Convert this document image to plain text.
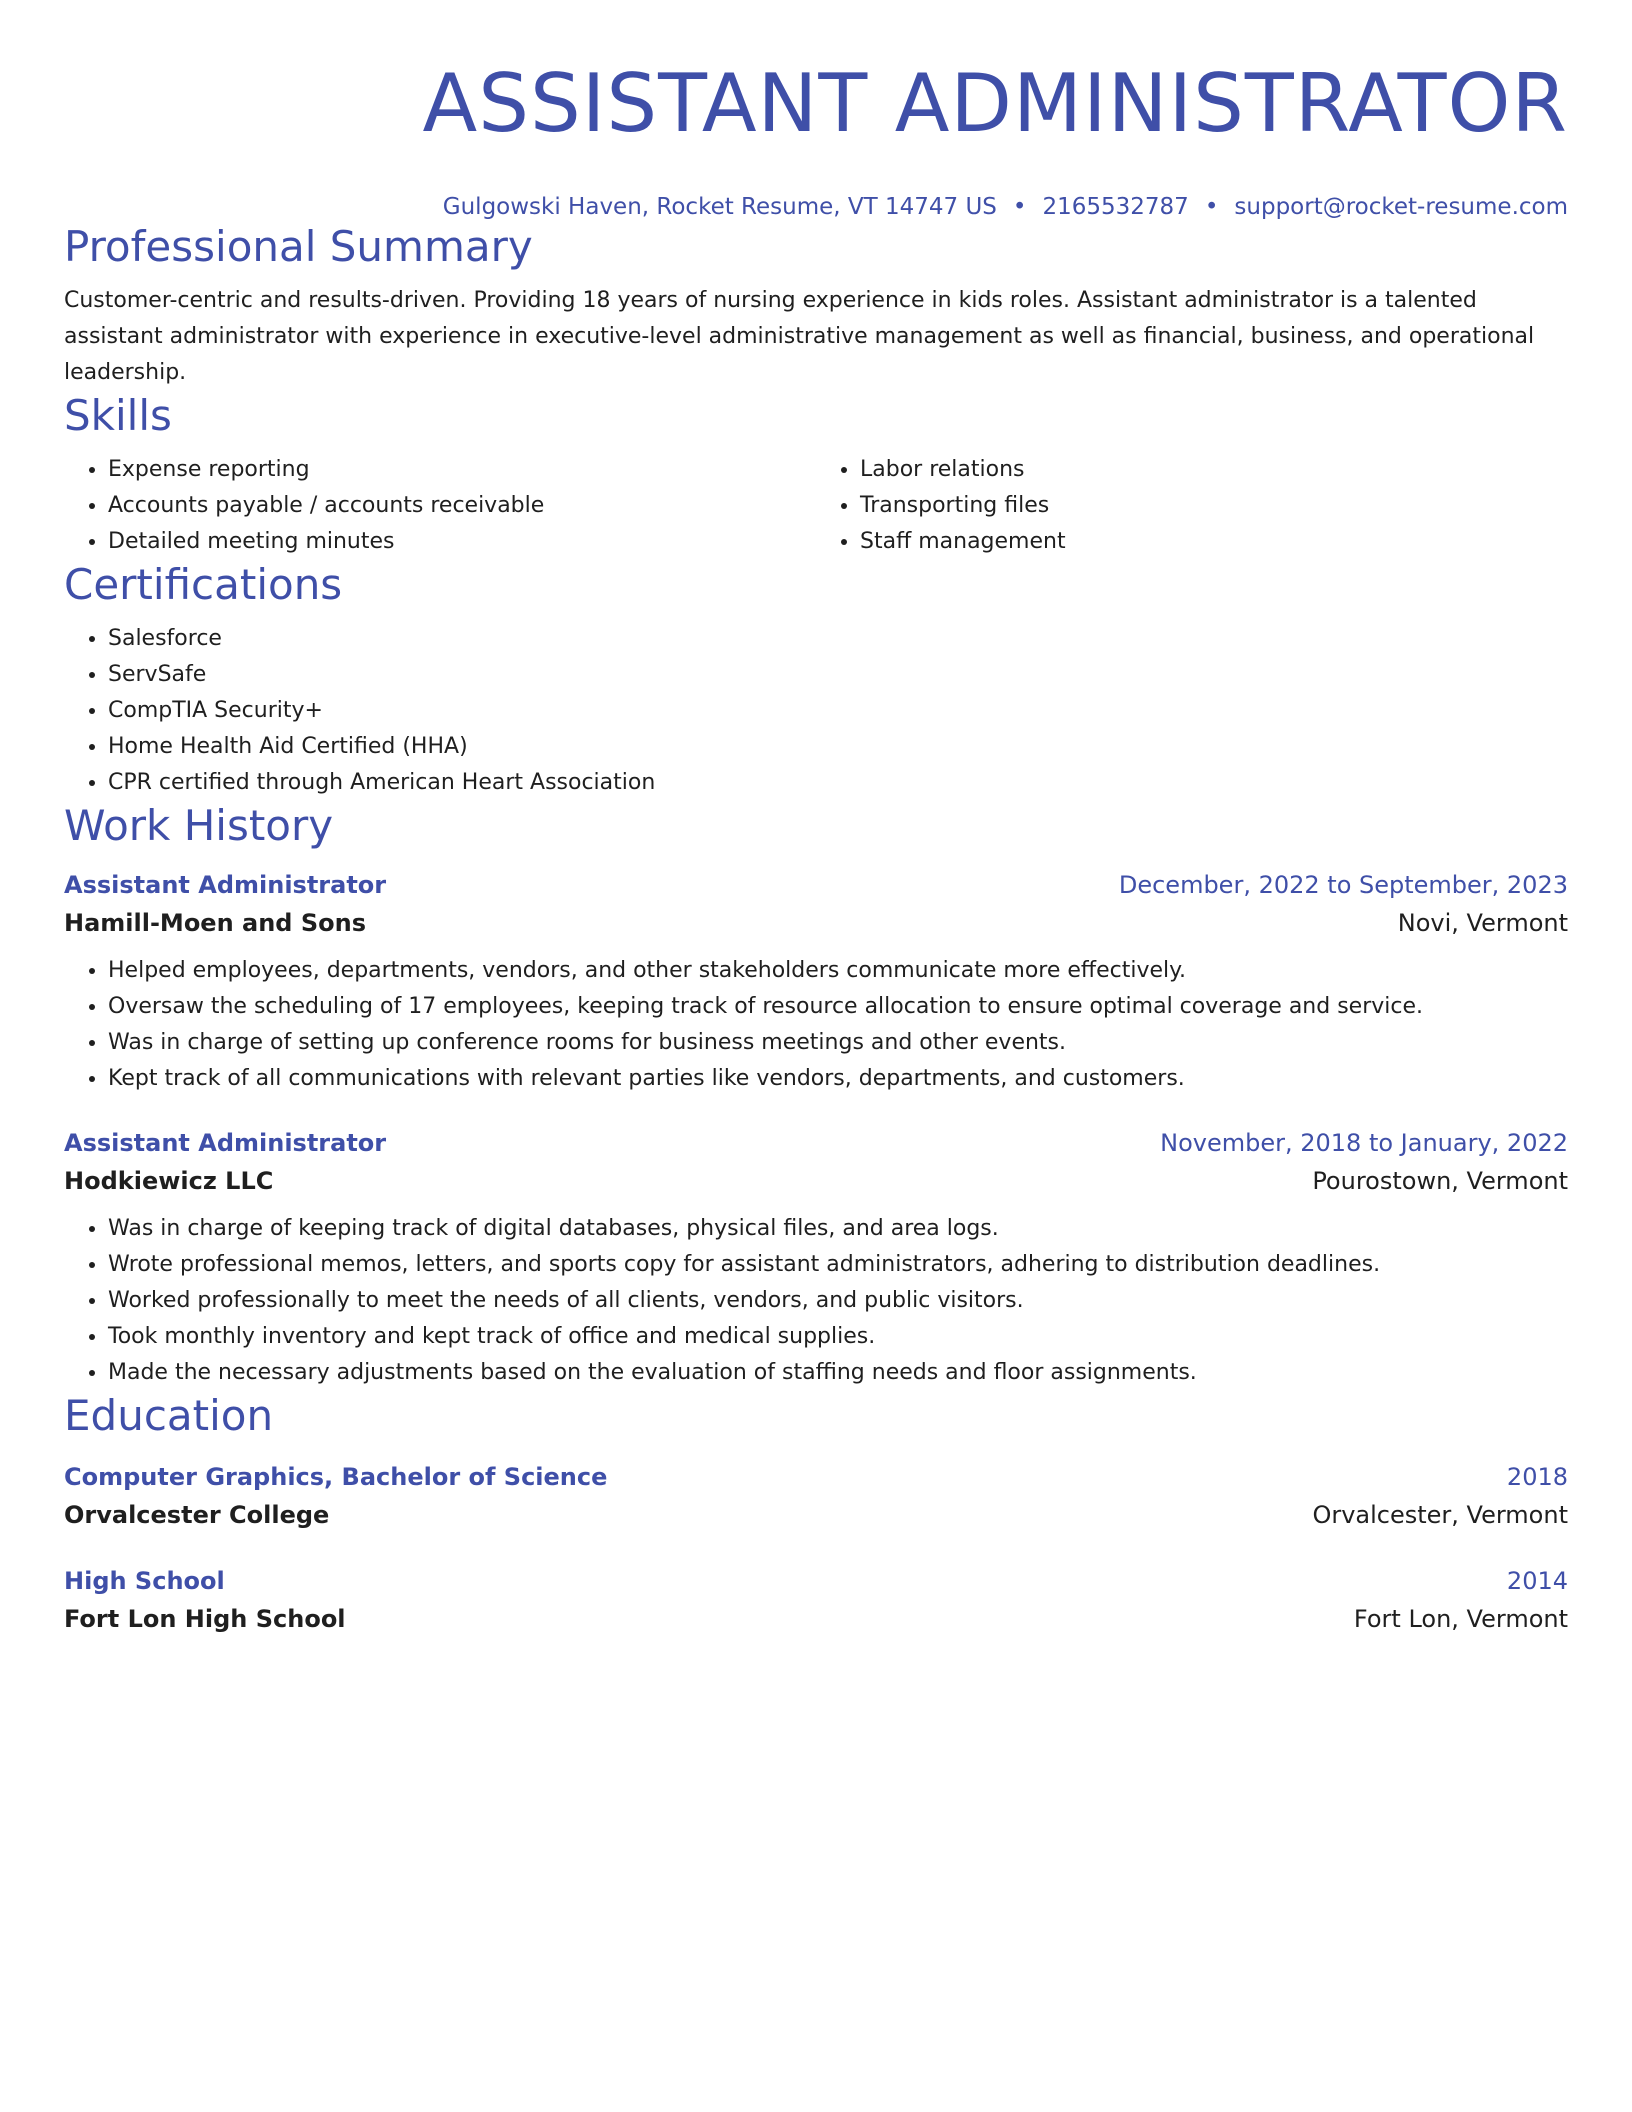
ASSISTANT ADMINISTRATOR
Gulgowski Haven, Rocket Resume, VT 14747 US • 2165532787 • support@rocket-resume.com
Professional Summary

Customer-centric and results-driven. Providing 18 years of nursing experience in kids roles. Assistant administrator is a talented assistant administrator with experience in executive-level administrative management as well as financial, business, and operational leadership.

Skills
• Expense reporting
• Accounts payable / accounts receivable
• Detailed meeting minutes
• Labor relations
• Transporting files
• Staff management
Certifications
• Salesforce
• ServSafe
• CompTIA Security+
• Home Health Aid Certified (HHA)
• CPR certified through American Heart Association
Work History
Assistant Administrator	December, 2022 to September, 2023
Hamill-Moen and Sons	Novi, Vermont
• Helped employees, departments, vendors, and other stakeholders communicate more effectively.
• Oversaw the scheduling of 17 employees, keeping track of resource allocation to ensure optimal coverage and service.
• Was in charge of setting up conference rooms for business meetings and other events.
• Kept track of all communications with relevant parties like vendors, departments, and customers.
Assistant Administrator	November, 2018 to January, 2022
Hodkiewicz LLC	Pourostown, Vermont
• Was in charge of keeping track of digital databases, physical files, and area logs.
• Wrote professional memos, letters, and sports copy for assistant administrators, adhering to distribution deadlines.
• Worked professionally to meet the needs of all clients, vendors, and public visitors.
• Took monthly inventory and kept track of office and medical supplies.
• Made the necessary adjustments based on the evaluation of staffing needs and floor assignments.
Education
Computer Graphics, Bachelor of Science	2018
Orvalcester College	Orvalcester, Vermont
High School	2014
Fort Lon High School	Fort Lon, Vermont
